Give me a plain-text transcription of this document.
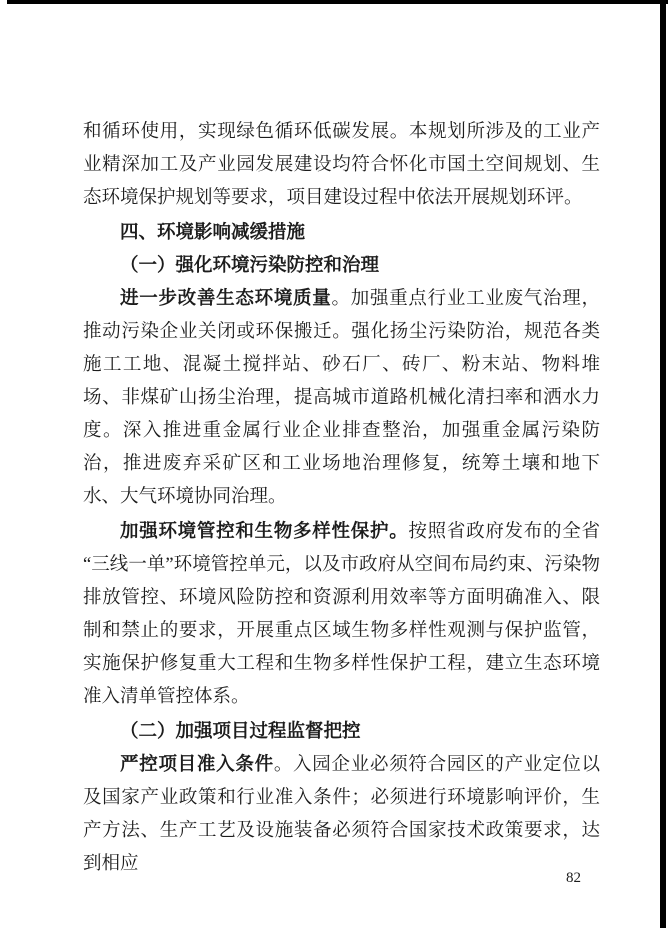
和循环使用，实现绿色循环低碳发展。本规划所涉及的工业产业精深加工及产业园发展建设均符合怀化市国土空间规划、生态环境保护规划等要求，项目建设过程中依法开展规划环评。

四、环境影响减缓措施

（一）强化环境污染防控和治理

进一步改善生态环境质量。加强重点行业工业废气治理，推动污染企业关闭或环保搬迁。强化扬尘污染防治，规范各类施工工地、混凝土搅拌站、砂石厂、砖厂、粉末站、物料堆场、非煤矿山扬尘治理，提高城市道路机械化清扫率和洒水力度。深入推进重金属行业企业排查整治，加强重金属污染防治，推进废弃采矿区和工业场地治理修复，统筹土壤和地下水、大气环境协同治理。

加强环境管控和生物多样性保护。按照省政府发布的全省“三线一单”环境管控单元，以及市政府从空间布局约束、污染物排放管控、环境风险防控和资源利用效率等方面明确准入、限制和禁止的要求，开展重点区域生物多样性观测与保护监管，实施保护修复重大工程和生物多样性保护工程，建立生态环境准入清单管控体系。

（二）加强项目过程监督把控

严控项目准入条件。入园企业必须符合园区的产业定位以及国家产业政策和行业准入条件；必须进行环境影响评价，生产方法、生产工艺及设施装备必须符合国家技术政策要求，达到相应

82
